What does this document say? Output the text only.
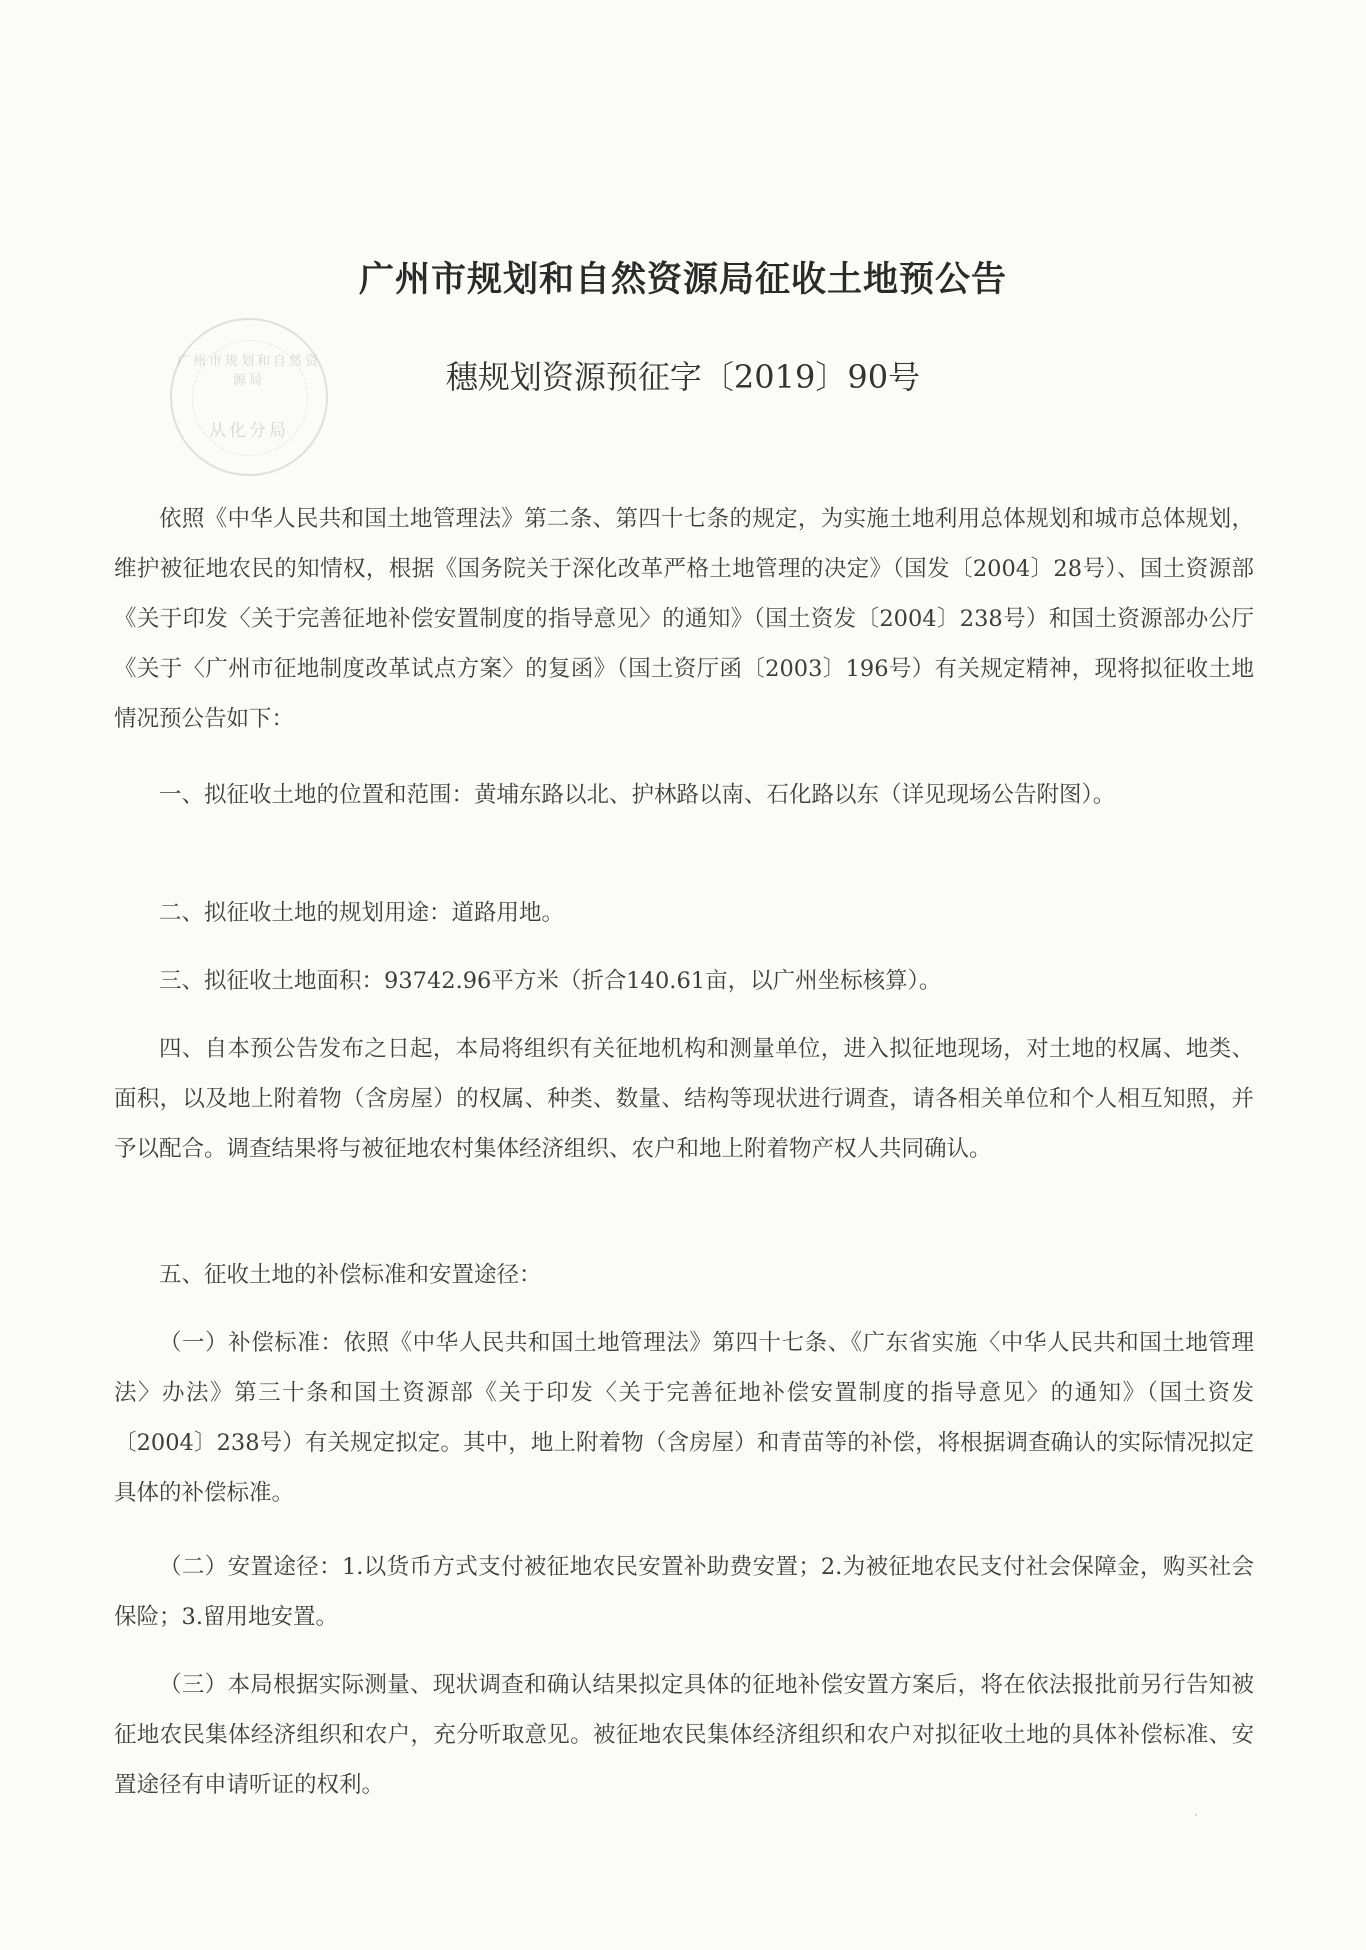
广州市规划和自然资源局
从化分局
广州市规划和自然资源局征收土地预公告
穗规划资源预征字〔2019〕90号

依照《中华人民共和国土地管理法》第二条、第四十七条的规定，为实施土地利用总体规划和城市总体规划，维护被征地农民的知情权，根据《国务院关于深化改革严格土地管理的决定》（国发〔2004〕28号）、国土资源部《关于印发〈关于完善征地补偿安置制度的指导意见〉的通知》（国土资发〔2004〕238号）和国土资源部办公厅《关于〈广州市征地制度改革试点方案〉的复函》（国土资厅函〔2003〕196号）有关规定精神，现将拟征收土地情况预公告如下：

一、拟征收土地的位置和范围：黄埔东路以北、护林路以南、石化路以东（详见现场公告附图）。

二、拟征收土地的规划用途：道路用地。

三、拟征收土地面积：93742.96平方米（折合140.61亩，以广州坐标核算）。

四、自本预公告发布之日起，本局将组织有关征地机构和测量单位，进入拟征地现场，对土地的权属、地类、面积，以及地上附着物（含房屋）的权属、种类、数量、结构等现状进行调查，请各相关单位和个人相互知照，并予以配合。调查结果将与被征地农村集体经济组织、农户和地上附着物产权人共同确认。

五、征收土地的补偿标准和安置途径：

（一）补偿标准：依照《中华人民共和国土地管理法》第四十七条、《广东省实施〈中华人民共和国土地管理法〉办法》第三十条和国土资源部《关于印发〈关于完善征地补偿安置制度的指导意见〉的通知》（国土资发〔2004〕238号）有关规定拟定。其中，地上附着物（含房屋）和青苗等的补偿，将根据调查确认的实际情况拟定具体的补偿标准。

（二）安置途径：1.以货币方式支付被征地农民安置补助费安置；2.为被征地农民支付社会保障金，购买社会保险；3.留用地安置。

（三）本局根据实际测量、现状调查和确认结果拟定具体的征地补偿安置方案后，将在依法报批前另行告知被征地农民集体经济组织和农户，充分听取意见。被征地农民集体经济组织和农户对拟征收土地的具体补偿标准、安置途径有申请听证的权利。
